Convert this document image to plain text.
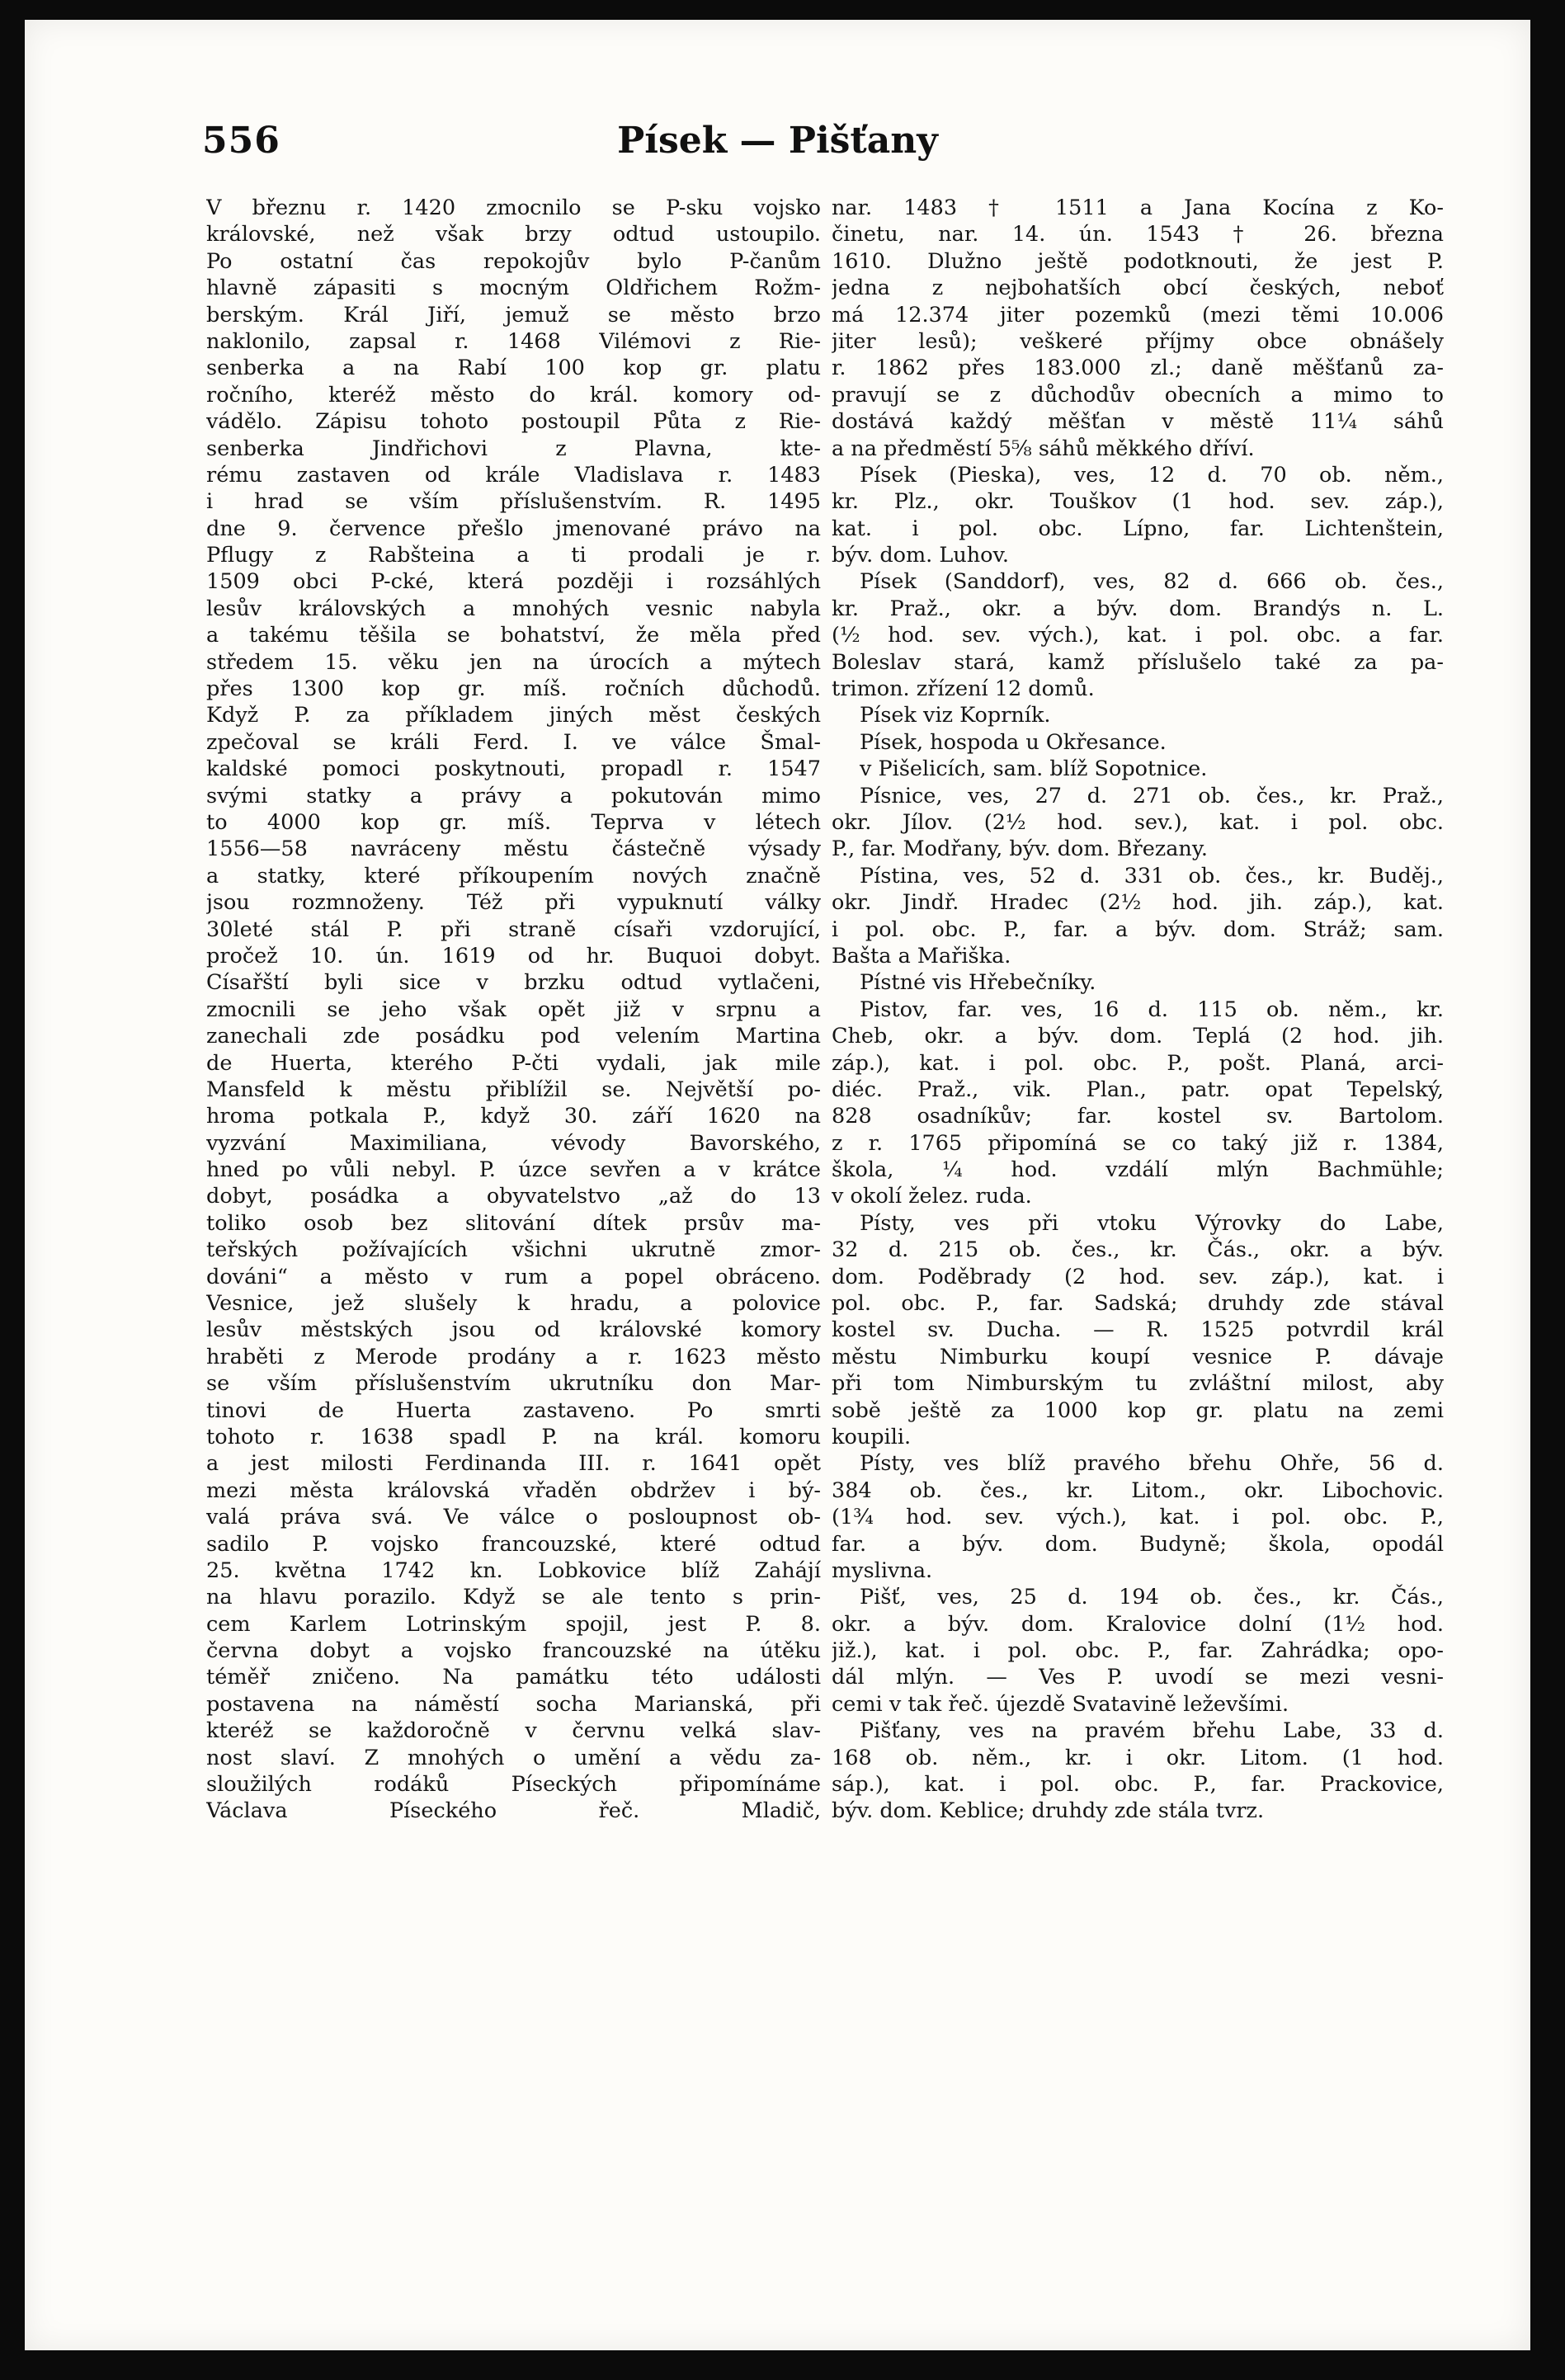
556	Písek — Pišťany
V březnu r. 1420 zmocnilo se P-sku vojsko
královské, než však brzy odtud ustoupilo.
Po ostatní čas repokojův bylo P-čanům
hlavně zápasiti s mocným Oldřichem Rožm-
berským. Král Jiří, jemuž se město brzo
naklonilo, zapsal r. 1468 Vilémovi z Rie-
senberka a na Rabí 100 kop gr. platu
ročního, kteréž město do král. komory od-
vádělo. Zápisu tohoto postoupil Půta z Rie-
senberka Jindřichovi z Plavna, kte-
rému zastaven od krále Vladislava r. 1483
i hrad se vším příslušenstvím. R. 1495
dne 9. července přešlo jmenované právo na
Pflugy z Rabšteina a ti prodali je r.
1509 obci P-cké, která později i rozsáhlých
lesův královských a mnohých vesnic nabyla
a takému těšila se bohatství, že měla před
středem 15. věku jen na úrocích a mýtech
přes 1300 kop gr. míš. ročních důchodů.
Když P. za příkladem jiných měst českých
zpečoval se králi Ferd. I. ve válce Šmal-
kaldské pomoci poskytnouti, propadl r. 1547
svými statky a právy a pokutován mimo
to 4000 kop gr. míš. Teprva v létech
1556—58 navráceny městu částečně výsady
a statky, které příkoupením nových značně
jsou rozmnoženy. Též při vypuknutí války
30leté stál P. při straně císaři vzdorující,
pročež 10. ún. 1619 od hr. Buquoi dobyt.
Císařští byli sice v brzku odtud vytlačeni,
zmocnili se jeho však opět již v srpnu a
zanechali zde posádku pod velením Martina
de Huerta, kterého P-čti vydali, jak mile
Mansfeld k městu přiblížil se. Největší po-
hroma potkala P., když 30. září 1620 na
vyzvání Maximiliana, vévody Bavorského,
hned po vůli nebyl. P. úzce sevřen a v krátce
dobyt, posádka a obyvatelstvo „až do 13
toliko osob bez slitování dítek prsův ma-
teřských požívajících všichni ukrutně zmor-
dováni“ a město v rum a popel obráceno.
Vesnice, jež slušely k hradu, a polovice
lesův městských jsou od královské komory
hraběti z Merode prodány a r. 1623 město
se vším příslušenstvím ukrutníku don Mar-
tinovi de Huerta zastaveno. Po smrti
tohoto r. 1638 spadl P. na král. komoru
a jest milosti Ferdinanda III. r. 1641 opět
mezi města královská vřaděn obdržev i bý-
valá práva svá. Ve válce o posloupnost ob-
sadilo P. vojsko francouzské, které odtud
25. května 1742 kn. Lobkovice blíž Zahájí
na hlavu porazilo. Když se ale tento s prin-
cem Karlem Lotrinským spojil, jest P. 8.
června dobyt a vojsko francouzské na útěku
téměř zničeno. Na památku této události
postavena na náměstí socha Marianská, při
kteréž se každoročně v červnu velká slav-
nost slaví. Z mnohých o umění a vědu za-
sloužilých rodáků Píseckých připomínáme
Václava Píseckého řeč. Mladič,
nar. 1483 † 1511 a Jana Kocína z Ko-
činetu, nar. 14. ún. 1543 † 26. března
1610. Dlužno ještě podotknouti, že jest P.
jedna z nejbohatších obcí českých, neboť
má 12.374 jiter pozemků (mezi těmi 10.006
jiter lesů); veškeré příjmy obce obnášely
r. 1862 přes 183.000 zl.; daně měšťanů za-
pravují se z důchodův obecních a mimo to
dostává každý měšťan v městě 11¼ sáhů
a na předměstí 5⅝ sáhů měkkého dříví.
Písek (Pieska), ves, 12 d. 70 ob. něm.,
kr. Plz., okr. Touškov (1 hod. sev. záp.),
kat. i pol. obc. Lípno, far. Lichtenštein,
býv. dom. Luhov.
Písek (Sanddorf), ves, 82 d. 666 ob. čes.,
kr. Praž., okr. a býv. dom. Brandýs n. L.
(½ hod. sev. vých.), kat. i pol. obc. a far.
Boleslav stará, kamž příslušelo také za pa-
trimon. zřízení 12 domů.
Písek viz Koprník.
Písek, hospoda u Okřesance.
v Pišelicích, sam. blíž Sopotnice.
Písnice, ves, 27 d. 271 ob. čes., kr. Praž.,
okr. Jílov. (2½ hod. sev.), kat. i pol. obc.
P., far. Modřany, býv. dom. Březany.
Pístina, ves, 52 d. 331 ob. čes., kr. Buděj.,
okr. Jindř. Hradec (2½ hod. jih. záp.), kat.
i pol. obc. P., far. a býv. dom. Stráž; sam.
Bašta a Mařiška.
Pístné vis Hřebečníky.
Pistov, far. ves, 16 d. 115 ob. něm., kr.
Cheb, okr. a býv. dom. Teplá (2 hod. jih.
záp.), kat. i pol. obc. P., pošt. Planá, arci-
diéc. Praž., vik. Plan., patr. opat Tepelský,
828 osadníkův; far. kostel sv. Bartolom.
z r. 1765 připomíná se co taký již r. 1384,
škola, ¼ hod. vzdálí mlýn Bachmühle;
v okolí želez. ruda.
Písty, ves při vtoku Výrovky do Labe,
32 d. 215 ob. čes., kr. Čás., okr. a býv.
dom. Poděbrady (2 hod. sev. záp.), kat. i
pol. obc. P., far. Sadská; druhdy zde stával
kostel sv. Ducha. — R. 1525 potvrdil král
městu Nimburku koupí vesnice P. dávaje
při tom Nimburským tu zvláštní milost, aby
sobě ještě za 1000 kop gr. platu na zemi
koupili.
Písty, ves blíž pravého břehu Ohře, 56 d.
384 ob. čes., kr. Litom., okr. Libochovic.
(1¾ hod. sev. vých.), kat. i pol. obc. P.,
far. a býv. dom. Budyně; škola, opodál
myslivna.
Pišť, ves, 25 d. 194 ob. čes., kr. Čás.,
okr. a býv. dom. Kralovice dolní (1½ hod.
již.), kat. i pol. obc. P., far. Zahrádka; opo-
dál mlýn. — Ves P. uvodí se mezi vesni-
cemi v tak řeč. újezdě Svatavině leževšími.
Pišťany, ves na pravém břehu Labe, 33 d.
168 ob. něm., kr. i okr. Litom. (1 hod.
sáp.), kat. i pol. obc. P., far. Prackovice,
býv. dom. Keblice; druhdy zde stála tvrz.
